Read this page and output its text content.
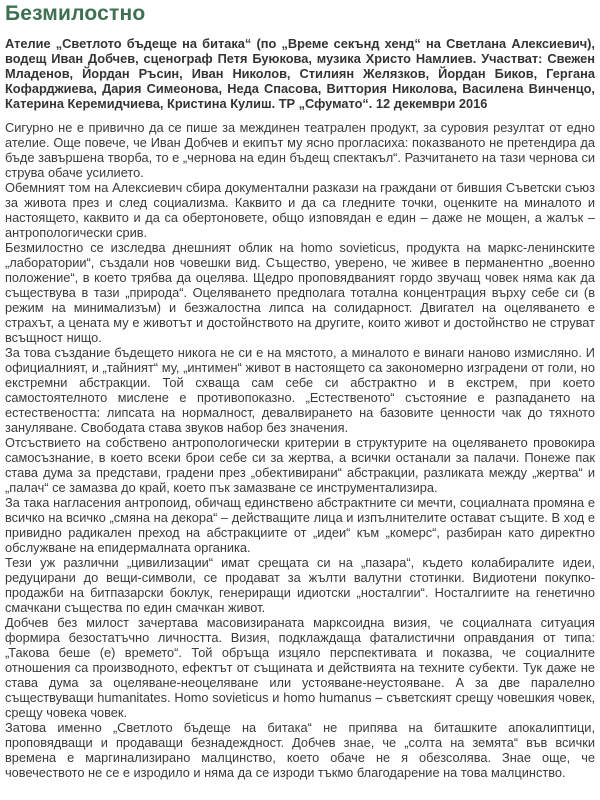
Безмилостно

Ателие „Светлото бъдеще на битака“ (по „Време секънд хенд“ на Светлана Алексиевич), водещ Иван Добчев, сценограф Петя Буюкова, музика Христо Намлиев. Участват: Свежен Младенов, Йордан Ръсин, Иван Николов, Стилиян Желязков, Йордан Биков, Гергана Кофарджиева, Дария Симеонова, Неда Спасова, Виттория Николова, Василена Винченцо, Катерина Керемидчиева, Кристина Кулиш. ТР „Сфумато“. 12 декември 2016

Сигурно не е привично да се пише за междинен театрален продукт, за суровия резултат от едно ателие. Още повече, че Иван Добчев и екипът му ясно прогласиха: показваното не претендира да бъде завършена творба, то е „чернова на един бъдещ спектакъл“. Разчитането на тази чернова си струва обаче усилието.

Обемният том на Алексиевич сбира документални разкази на граждани от бившия Съветски съюз за живота през и след социализма. Каквито и да са гледните точки, оценките на миналото и настоящето, каквито и да са обертоновете, общо изповядан е един – даже не мощен, а жалък – антропологически срив.

Безмилостно се изследва днешният облик на homo sovieticus, продукта на маркс-ленинските „лаборатории“, създали нов човешки вид. Същество, уверено, че живее в перманентно „военно положение“, в което трябва да оцелява. Щедро проповядваният гордо звучащ човек няма как да съществува в тази „природа“. Оцеляването предполага тотална концентрация върху себе си (в режим на минимализъм) и безжалостна липса на солидарност. Двигател на оцеляването е страхът, а цената му е животът и достойнството на другите, които живот и достойнство не струват всъщност нищо.

За това създание бъдещето никога не си е на мястото, а миналото е винаги наново измисляно. И официалният, и „тайният“ му, „интимен“ живот в настоящето са закономерно изградени от голи, но екстремни абстракции. Той схваща сам себе си абстрактно и в екстрем, при което самостоятелното мислене е противопоказно. „Естественото“ състояние е разпадането на естествеността: липсата на нормалност, девалвирането на базовите ценности чак до тяхното зануляване. Свободата става звуков набор без значения.

Отсъствието на собствено антропологически критерии в структурите на оцеляването провокира самосъзнание, в което всеки брои себе си за жертва, а всички останали за палачи. Понеже пак става дума за представи, градени през „обективирани“ абстракции, разликата между „жертва“ и „палач“ се замазва до край, което пък замазване се инструментализира.

За така нагласения антропоид, обичащ единствено абстрактните си мечти, социалната промяна е всичко на всичко „смяна на декора“ – действащите лица и изпълнителите остават същите. В ход е привидно радикален преход на абстракциите от „идеи“ към „комерс“, разбиран като директно обслужване на епидермалната органика.

Тези уж различни „цивилизации“ имат срещата си на „пазара“, където колабиралите идеи, редуцирани до вещи-символи, се продават за жълти валутни стотинки. Видиотени покупко-продажби на битпазарски боклук, генериращи идиотски „носталгии“. Носталгиите на генетично смачкани същества по един смачкан живот.

Добчев без милост зачертава масовизираната марксоидна визия, че социалната ситуация формира безостатъчно личността. Визия, подклаждаща фаталистични оправдания от типа: „Такова беше (е) времето“. Той обръща изцяло перспективата и показва, че социалните отношения са производното, ефектът от същината и действията на техните субекти. Тук даже не става дума за оцеляване-неоцеляване или устояване-неустояване. А за две паралелно съществуващи humanitates. Homo sovieticus и homo humanus – съветският срещу човешкия човек, срещу човека човек.

Затова именно „Светлото бъдеще на битака“ не припява на биташките апокалиптици, проповядващи и продаващи безнадеждност. Добчев знае, че „солта на земята“ във всички времена е маргинализирано малцинство, което обаче не я обезсолява. Знае още, че човечеството не се е изродило и няма да се изроди тъкмо благодарение на това малцинство.
